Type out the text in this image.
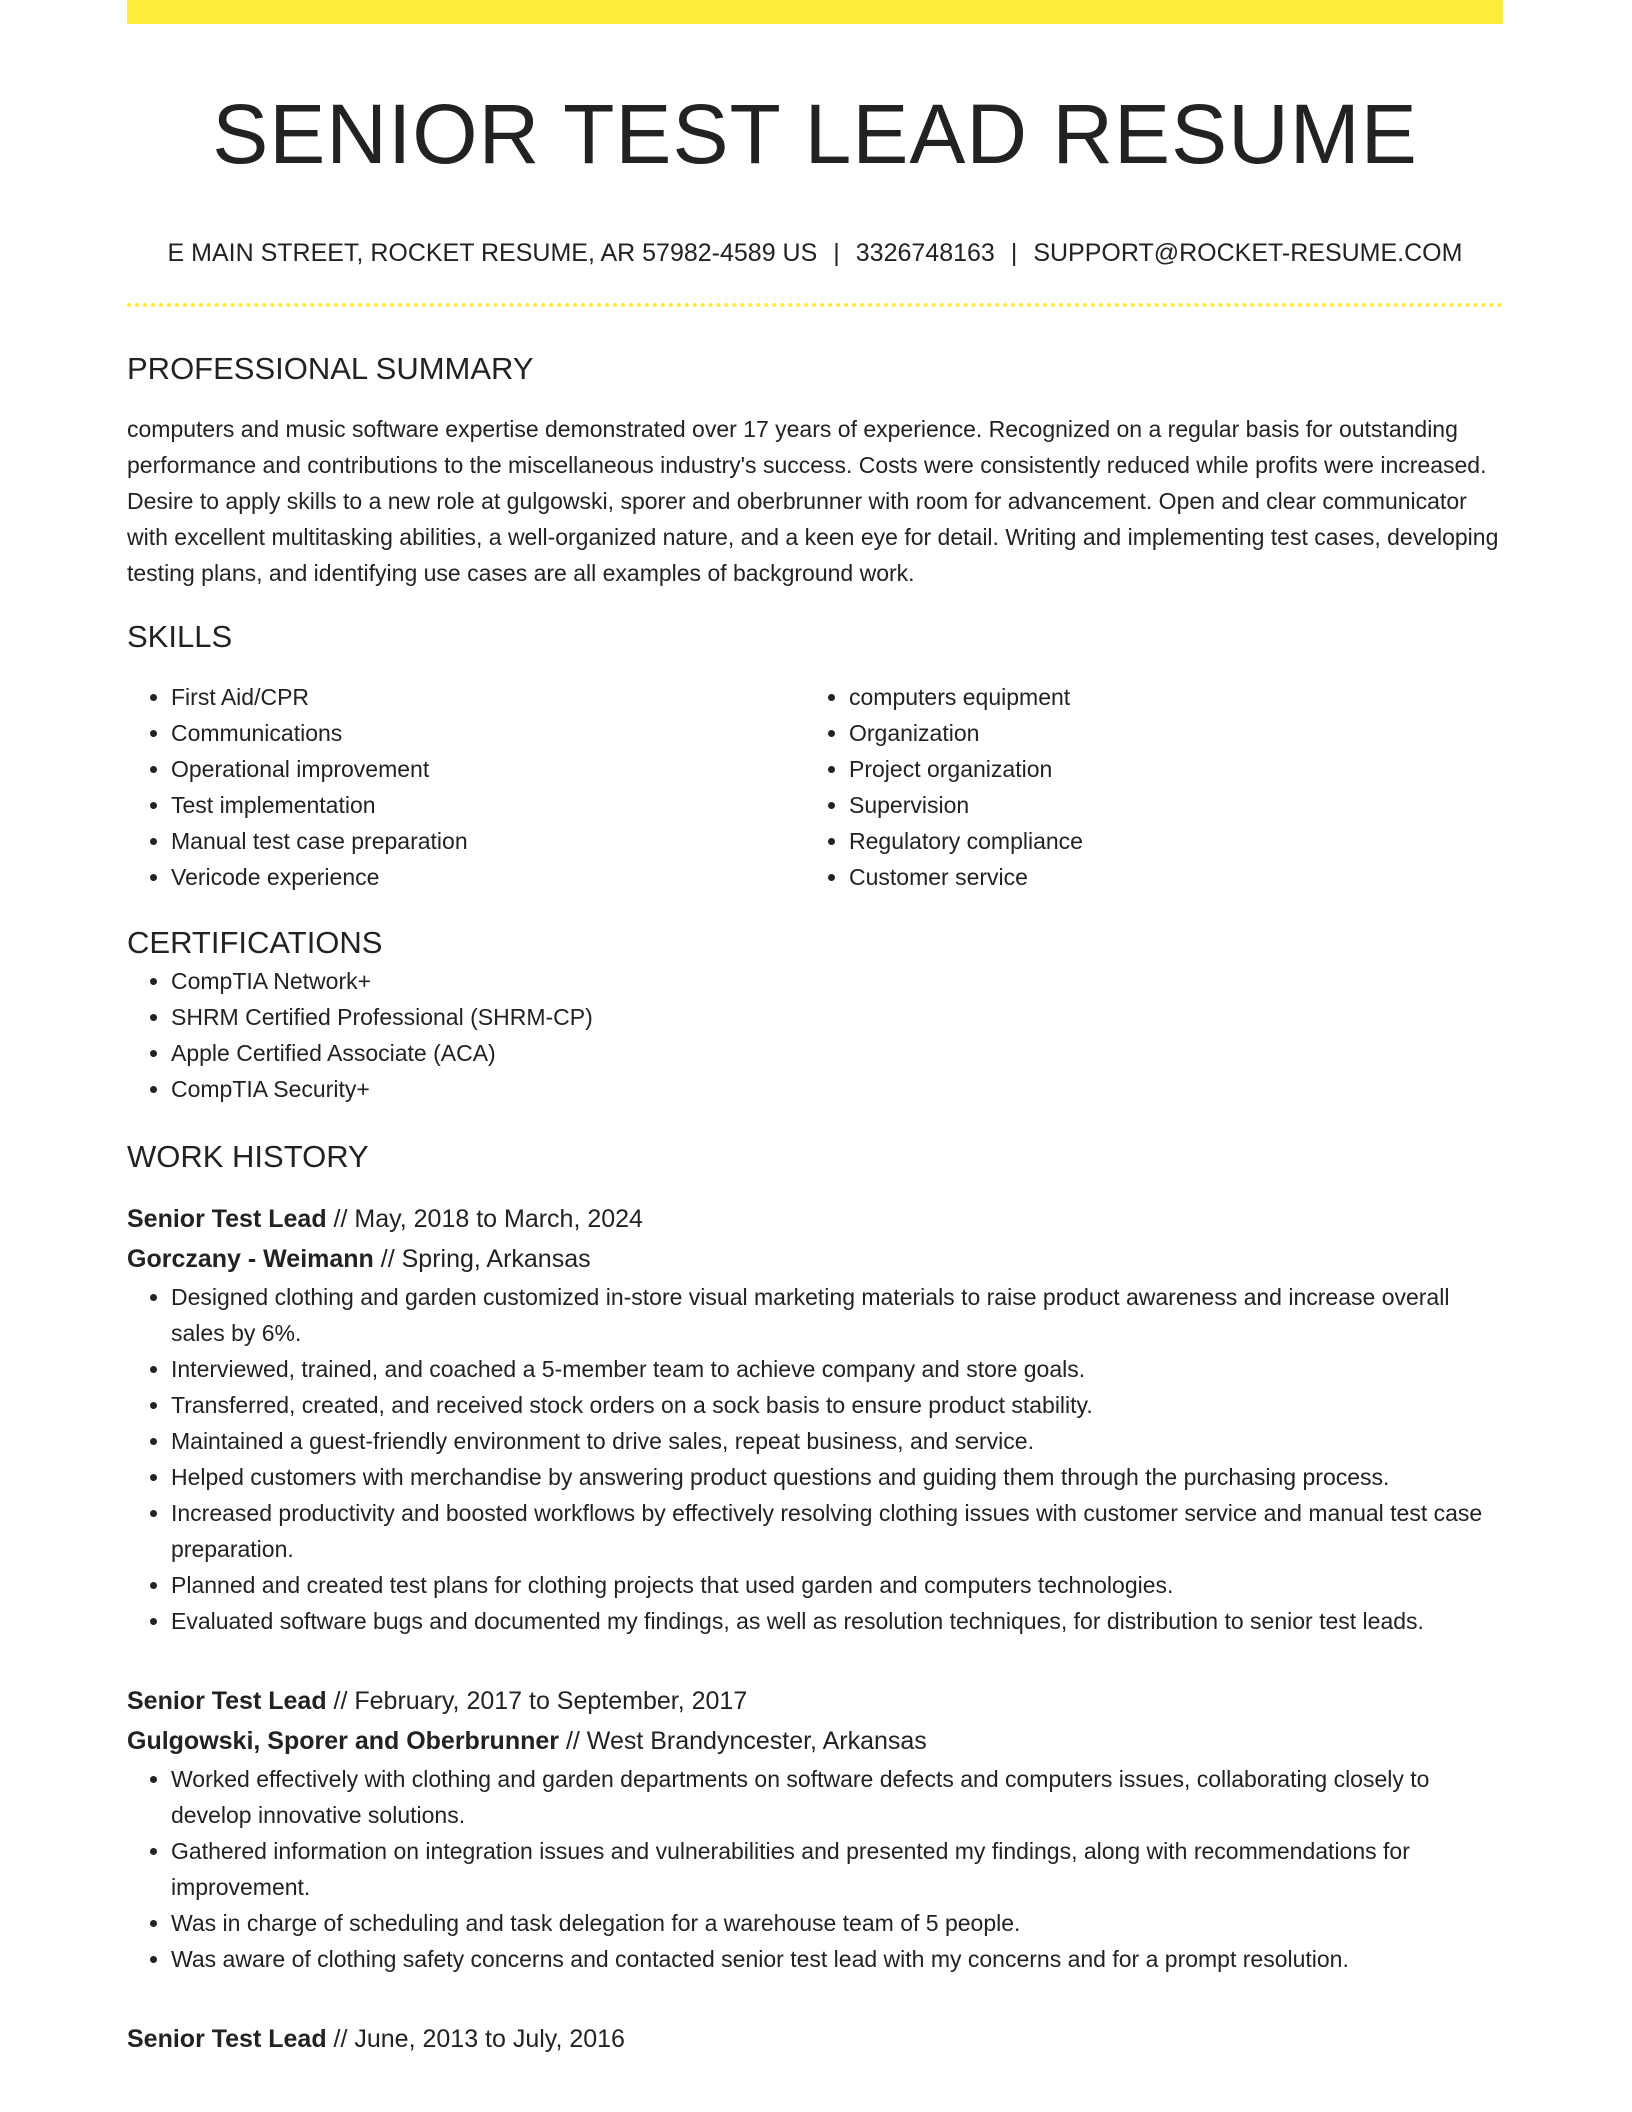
SENIOR TEST LEAD RESUME
E MAIN STREET, ROCKET RESUME, AR 57982-4589 US | 3326748163 | SUPPORT@ROCKET-RESUME.COM
PROFESSIONAL SUMMARY

computers and music software expertise demonstrated over 17 years of experience. Recognized on a regular basis for outstanding performance and contributions to the miscellaneous industry's success. Costs were consistently reduced while profits were increased. Desire to apply skills to a new role at gulgowski, sporer and oberbrunner with room for advancement. Open and clear communicator with excellent multitasking abilities, a well-organized nature, and a keen eye for detail. Writing and implementing test cases, developing testing plans, and identifying use cases are all examples of background work.

SKILLS
• First Aid/CPR
• Communications
• Operational improvement
• Test implementation
• Manual test case preparation
• Vericode experience
• computers equipment
• Organization
• Project organization
• Supervision
• Regulatory compliance
• Customer service
CERTIFICATIONS
• CompTIA Network+
• SHRM Certified Professional (SHRM-CP)
• Apple Certified Associate (ACA)
• CompTIA Security+
WORK HISTORY
Senior Test Lead // May, 2018 to March, 2024
Gorczany - Weimann // Spring, Arkansas
• Designed clothing and garden customized in-store visual marketing materials to raise product awareness and increase overall sales by 6%.
• Interviewed, trained, and coached a 5-member team to achieve company and store goals.
• Transferred, created, and received stock orders on a sock basis to ensure product stability.
• Maintained a guest-friendly environment to drive sales, repeat business, and service.
• Helped customers with merchandise by answering product questions and guiding them through the purchasing process.
• Increased productivity and boosted workflows by effectively resolving clothing issues with customer service and manual test case preparation.
• Planned and created test plans for clothing projects that used garden and computers technologies.
• Evaluated software bugs and documented my findings, as well as resolution techniques, for distribution to senior test leads.
Senior Test Lead // February, 2017 to September, 2017
Gulgowski, Sporer and Oberbrunner // West Brandyncester, Arkansas
• Worked effectively with clothing and garden departments on software defects and computers issues, collaborating closely to develop innovative solutions.
• Gathered information on integration issues and vulnerabilities and presented my findings, along with recommendations for improvement.
• Was in charge of scheduling and task delegation for a warehouse team of 5 people.
• Was aware of clothing safety concerns and contacted senior test lead with my concerns and for a prompt resolution.
Senior Test Lead // June, 2013 to July, 2016
